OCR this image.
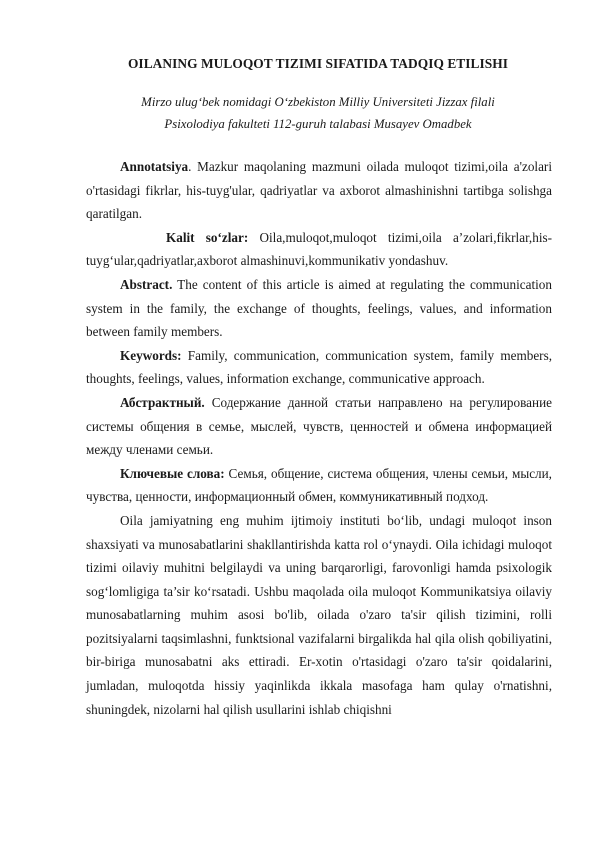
OILANING MULOQOT TIZIMI SIFATIDA TADQIQ ETILISHI
Mirzo ulug‘bek nomidagi O‘zbekiston Milliy Universiteti Jizzax filali
Psixolodiya fakulteti 112-guruh talabasi Musayev Omadbek

Annotatsiya. Mazkur maqolaning mazmuni oilada muloqot tizimi,oila a'zolari o'rtasidagi fikrlar, his-tuyg'ular, qadriyatlar va axborot almashinishni tartibga solishga qaratilgan.

Kalit so‘zlar: Oila,muloqot,muloqot tizimi,oila a’zolari,fikrlar,his-tuyg‘ular,qadriyatlar,axborot almashinuvi,kommunikativ yondashuv.

Abstract. The content of this article is aimed at regulating the communication system in the family, the exchange of thoughts, feelings, values, and information between family members.

Keywords: Family, communication, communication system, family members, thoughts, feelings, values, information exchange, communicative approach.

Абстрактный. Содержание данной статьи направлено на регулирование системы общения в семье, мыслей, чувств, ценностей и обмена информацией между членами семьи.

Ключевые слова: Семья, общение, система общения, члены семьи, мысли, чувства, ценности, информационный обмен, коммуникативный подход.

Oila jamiyatning eng muhim ijtimoiy instituti bo‘lib, undagi muloqot inson shaxsiyati va munosabatlarini shakllantirishda katta rol o‘ynaydi. Oila ichidagi muloqot tizimi oilaviy muhitni belgilaydi va uning barqarorligi, farovonligi hamda psixologik sog‘lomligiga ta’sir ko‘rsatadi. Ushbu maqolada oila muloqot Kommunikatsiya oilaviy munosabatlarning muhim asosi bo'lib, oilada o'zaro ta'sir qilish tizimini, rolli pozitsiyalarni taqsimlashni, funktsional vazifalarni birgalikda hal qila olish qobiliyatini, bir-biriga munosabatni aks ettiradi. Er-xotin o'rtasidagi o'zaro ta'sir qoidalarini, jumladan, muloqotda hissiy yaqinlikda ikkala masofaga ham qulay o'rnatishni, shuningdek, nizolarni hal qilish usullarini ishlab chiqishni
